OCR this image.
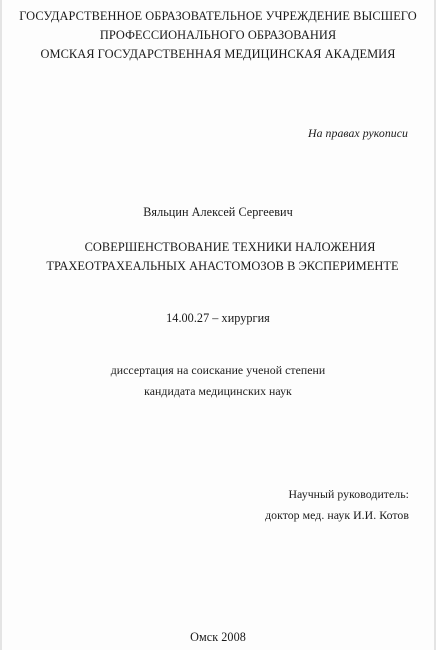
ГОСУДАРСТВЕННОЕ ОБРАЗОВАТЕЛЬНОЕ УЧРЕЖДЕНИЕ ВЫСШЕГО
ПРОФЕССИОНАЛЬНОГО ОБРАЗОВАНИЯ
ОМСКАЯ ГОСУДАРСТВЕННАЯ МЕДИЦИНСКАЯ АКАДЕМИЯ
На правах рукописи
Вяльцин Алексей Сергеевич
СОВЕРШЕНСТВОВАНИЕ ТЕХНИКИ НАЛОЖЕНИЯ
ТРАХЕОТРАХЕАЛЬНЫХ АНАСТОМОЗОВ В ЭКСПЕРИМЕНТЕ
14.00.27 – хирургия
диссертация на соискание ученой степени
кандидата медицинских наук
Научный руководитель:
доктор мед. наук И.И. Котов
Омск 2008
